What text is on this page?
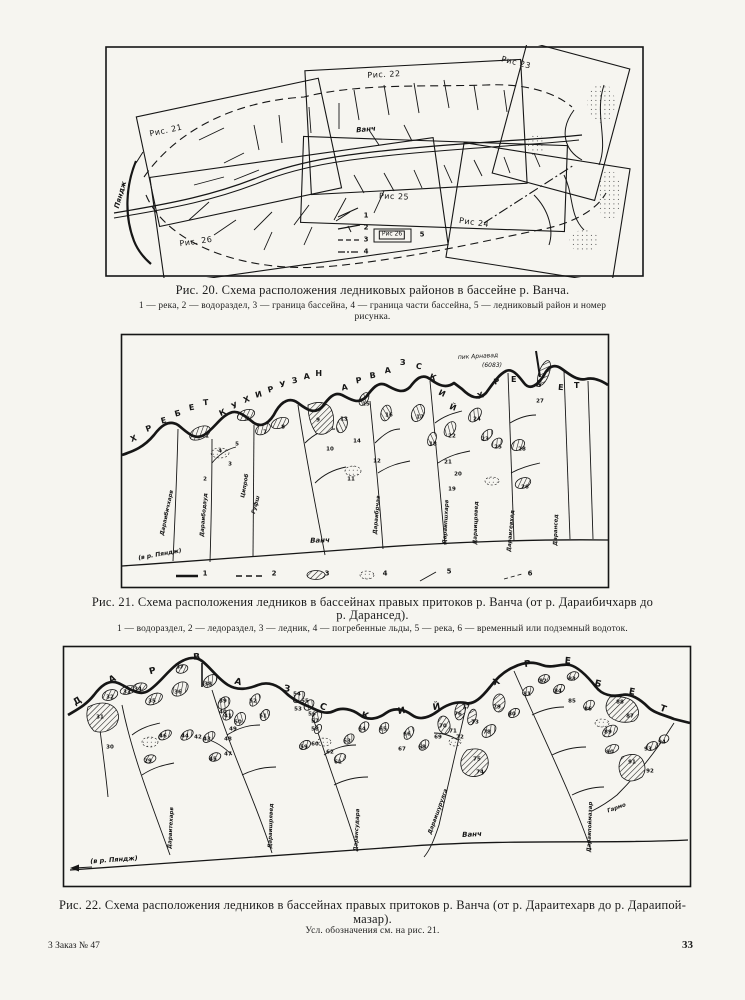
Рис. 21
Рис. 22
Рис 23
Рис 24
Рис 25
Рис. 26
Ванч
Пяндж
1
2
3
4
Рис 26	5
Рис. 20. Схема расположения ледниковых районов в бассейне р. Ванча.
1 — река, 2 — водораздел, 3 — граница бассейна, 4 — граница части бассейна, 5 — ледниковый район и номер
рисунка.
Х
Р
Е
Б
Е
Т
К
У
Х И Р У З А Н
А
Р
В
А
З С
К
И
Й
Х
Р Е
Б Е Т
пик Арнавад
(6083)
Дараибичхарв	Дараибодауд
Ципроб
Гуфш	Дараибрчав	Дараипшхарв	Дараицрявед	Дараигевхед	Дарансед
Ванч
(в р. Пяндж)
1	2	3	4	5	6
1
2
3
4
5
6
7
8
9
10
11
12
13
14
15
16	17
18
19
20
21
22	23
24
25
26
27
28
Рис. 21. Схема расположения ледников в бассейнах правых притоков р. Ванча (от р. Дараибичхарв до
р. Дарансед).
1 — водораздел, 2 — ледораздел, 3 — ледник, 4 — погребенные льды, 5 — река, 6 — временный или подземный водоток.
Д
А
Р
В
А
З
С
К	И	Й
Х
Р	Е
Б
Е
Т
Дараитехарв	Дараишрявед	Дарансудара	Дараишурулга	Дараипоймазар Гармо
Ванч
(в р. Пяндж)
29
30
31
32
33 34
35
36
37
38
39
40
41
42 43
44
45
46
47
48
49
50
51
52
53
54
55
56
57
58
59 60
61
62
63
64 65
66
67 68
69
70
71
72
73
74
75
76
77
78
79
80
81
82	83
84
85
86
87
88
89
90
91
92
93
94
Рис. 22. Схема расположения ледников в бассейнах правых притоков р. Ванча (от р. Дараитехарв до р. Дараипой-
мазар).
Усл. обозначения см. на рис. 21.
3 Заказ № 47	33
